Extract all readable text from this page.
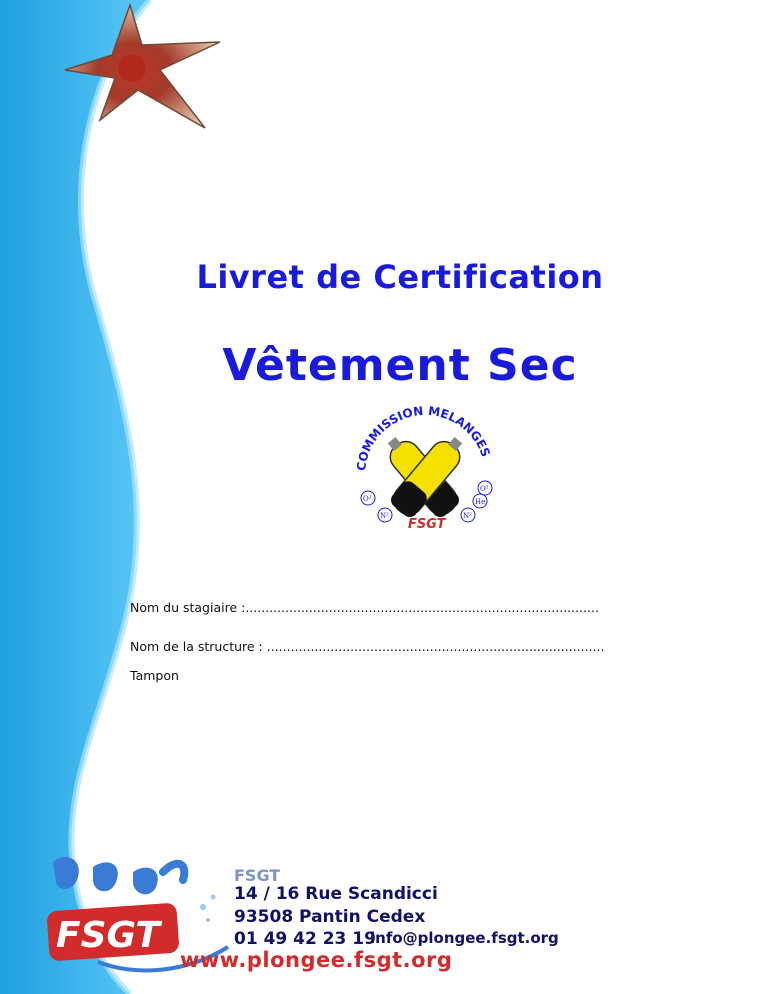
Livret de Certification
Vêtement Sec
COMMISSION MELANGES
O²
O²
N²	N²
He
FSGT
Nom du stagiaire :.........................................................................................
Nom de la structure : .....................................................................................
Tampon
FSGT
FSGT
14 / 16 Rue Scandicci
93508 Pantin Cedex
01 49 42 23 19
info@plongee.fsgt.org
www.plongee.fsgt.org
